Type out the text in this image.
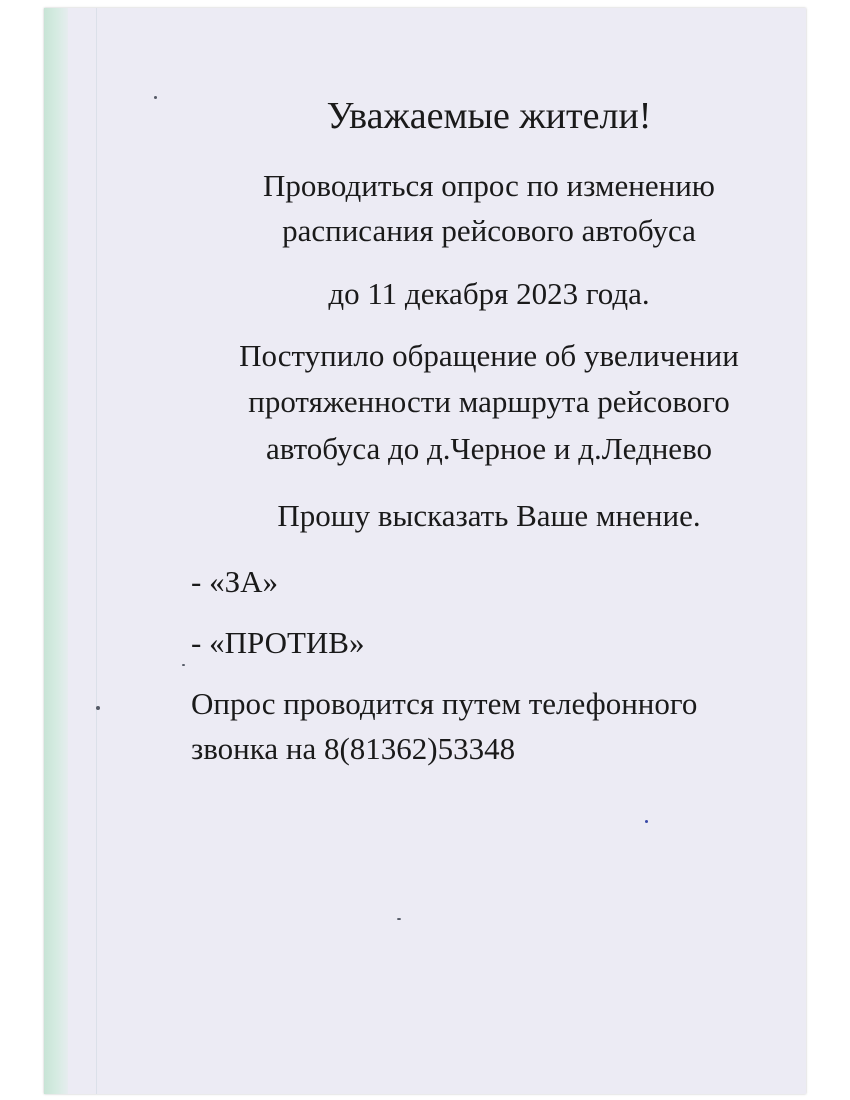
Уважаемые жители!
Проводиться опрос по изменению
расписания рейсового автобуса
до 11 декабря 2023 года.
Поступило обращение об увеличении
протяженности маршрута рейсового
автобуса до д.Черное и д.Леднево
Прошу высказать Ваше мнение.
- «ЗА»
- «ПРОТИВ»
Опрос проводится путем телефонного
звонка на 8(81362)53348
